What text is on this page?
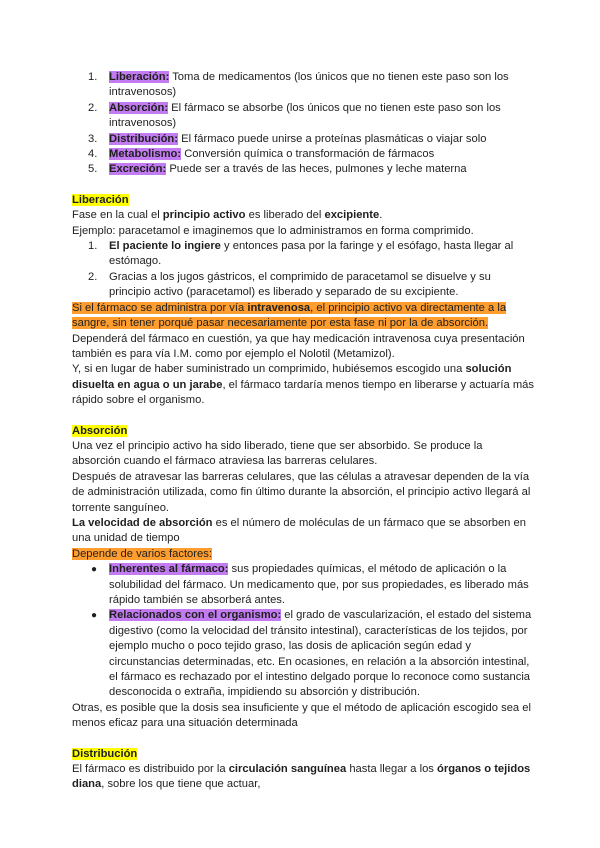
1. Liberación: Toma de medicamentos (los únicos que no tienen este paso son los intravenosos)
2. Absorción: El fármaco se absorbe (los únicos que no tienen este paso son los intravenosos)
3. Distribución: El fármaco puede unirse a proteínas plasmáticas o viajar solo
4. Metabolismo: Conversión química o transformación de fármacos
5. Excreción: Puede ser a través de las heces, pulmones y leche materna

Liberación

Fase en la cual el principio activo es liberado del excipiente.

Ejemplo: paracetamol e imaginemos que lo administramos en forma comprimido.

1. El paciente lo ingiere y entonces pasa por la faringe y el esófago, hasta llegar al estómago.
2. Gracias a los jugos gástricos, el comprimido de paracetamol se disuelve y su principio activo (paracetamol) es liberado y separado de su excipiente.

Si el fármaco se administra por vía intravenosa, el principio activo va directamente a la sangre, sin tener porqué pasar necesariamente por esta fase ni por la de absorción.

Dependerá del fármaco en cuestión, ya que hay medicación intravenosa cuya presentación también es para vía I.M. como por ejemplo el Nolotil (Metamizol).

Y, si en lugar de haber suministrado un comprimido, hubiésemos escogido una solución disuelta en agua o un jarabe, el fármaco tardaría menos tiempo en liberarse y actuaría más rápido sobre el organismo.

Absorción

Una vez el principio activo ha sido liberado, tiene que ser absorbido. Se produce la absorción cuando el fármaco atraviesa las barreras celulares.

Después de atravesar las barreras celulares, que las células a atravesar dependen de la vía de administración utilizada, como fin último durante la absorción, el principio activo llegará al torrente sanguíneo.

La velocidad de absorción es el número de moléculas de un fármaco que se absorben en una unidad de tiempo

Depende de varios factores:

● Inherentes al fármaco: sus propiedades químicas, el método de aplicación o la solubilidad del fármaco. Un medicamento que, por sus propiedades, es liberado más rápido también se absorberá antes.
● Relacionados con el organismo: el grado de vascularización, el estado del sistema digestivo (como la velocidad del tránsito intestinal), características de los tejidos, por ejemplo mucho o poco tejido graso, las dosis de aplicación según edad y circunstancias determinadas, etc. En ocasiones, en relación a la absorción intestinal, el fármaco es rechazado por el intestino delgado porque lo reconoce como sustancia desconocida o extraña, impidiendo su absorción y distribución.

Otras, es posible que la dosis sea insuficiente y que el método de aplicación escogido sea el menos eficaz para una situación determinada

Distribución

El fármaco es distribuido por la circulación sanguínea hasta llegar a los órganos o tejidos diana, sobre los que tiene que actuar,
